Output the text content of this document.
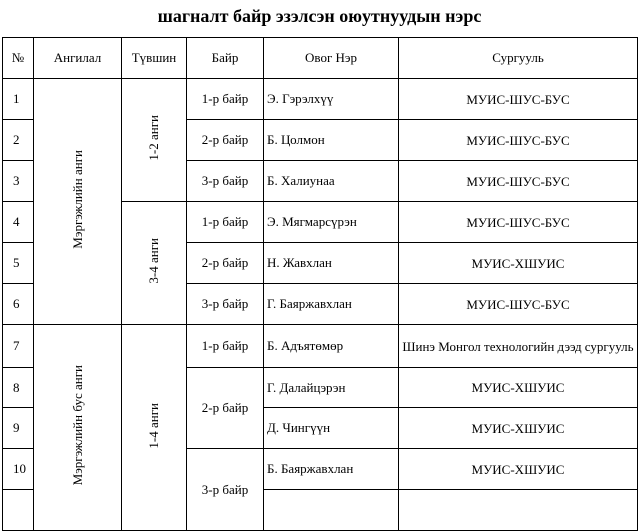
шагналт байр эзэлсэн оюутнуудын нэрс
№	Ангилал	Түвшин	Байр	Овог Нэр	Сургууль
1	Мэргэжлийн анги	1-2 анги	1-р байр	Э. Гэрэлхүү	МУИС-ШУС-БУС
2			2-р байр	Б. Цолмон	МУИС-ШУС-БУС
3			3-р байр	Б. Халиунаа	МУИС-ШУС-БУС
4		3-4 анги	1-р байр	Э. Мягмарсүрэн	МУИС-ШУС-БУС
5			2-р байр	Н. Жавхлан	МУИС-ХШУИС
6			3-р байр	Г. Баяржавхлан	МУИС-ШУС-БУС
7	Мэргэжлийн бус анги	1-4 анги	1-р байр	Б. Адъятөмөр	Шинэ Монгол технологийн дээд сургууль
8			2-р байр	Г. Далайцэрэн	МУИС-ХШУИС
9				Д. Чингүүн	МУИС-ХШУИС
10			3-р байр	Б. Баяржавхлан	МУИС-ХШУИС
